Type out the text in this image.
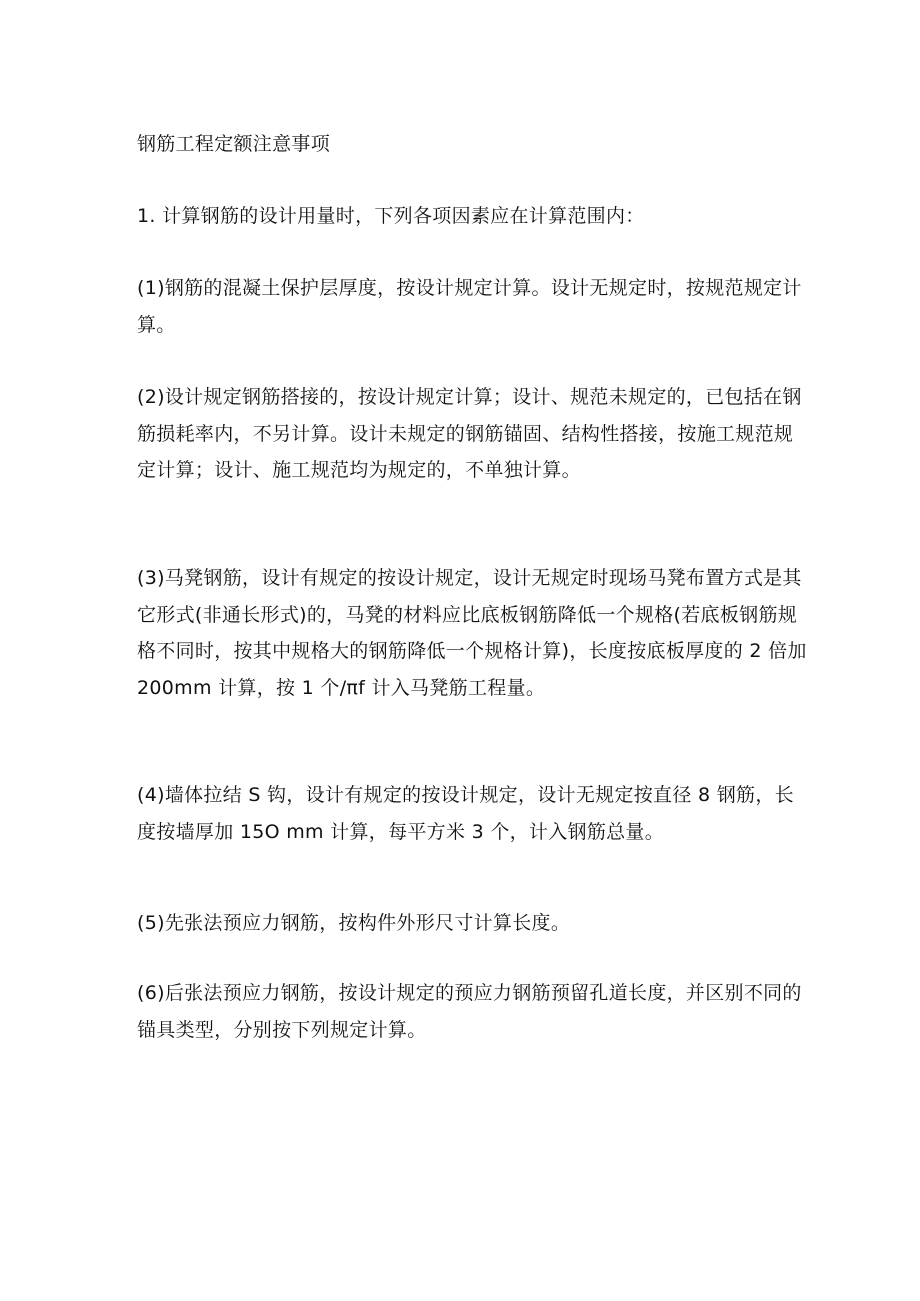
钢筋工程定额注意事项

1. 计算钢筋的设计用量时，下列各项因素应在计算范围内：

(1)钢筋的混凝土保护层厚度，按设计规定计算。设计无规定时，按规范规定计算。

(2)设计规定钢筋搭接的，按设计规定计算；设计、规范未规定的，已包括在钢筋损耗率内，不另计算。设计未规定的钢筋锚固、结构性搭接，按施工规范规定计算；设计、施工规范均为规定的，不单独计算。

(3)马凳钢筋，设计有规定的按设计规定，设计无规定时现场马凳布置方式是其它形式(非通长形式)的，马凳的材料应比底板钢筋降低一个规格(若底板钢筋规格不同时，按其中规格大的钢筋降低一个规格计算)，长度按底板厚度的 2 倍加 200mm 计算，按 1 个/πf 计入马凳筋工程量。

(4)墙体拉结 S 钩，设计有规定的按设计规定，设计无规定按直径 8 钢筋，长度按墙厚加 15O mm 计算，每平方米 3 个，计入钢筋总量。

(5)先张法预应力钢筋，按构件外形尺寸计算长度。

(6)后张法预应力钢筋，按设计规定的预应力钢筋预留孔道长度，并区别不同的锚具类型，分别按下列规定计算。
